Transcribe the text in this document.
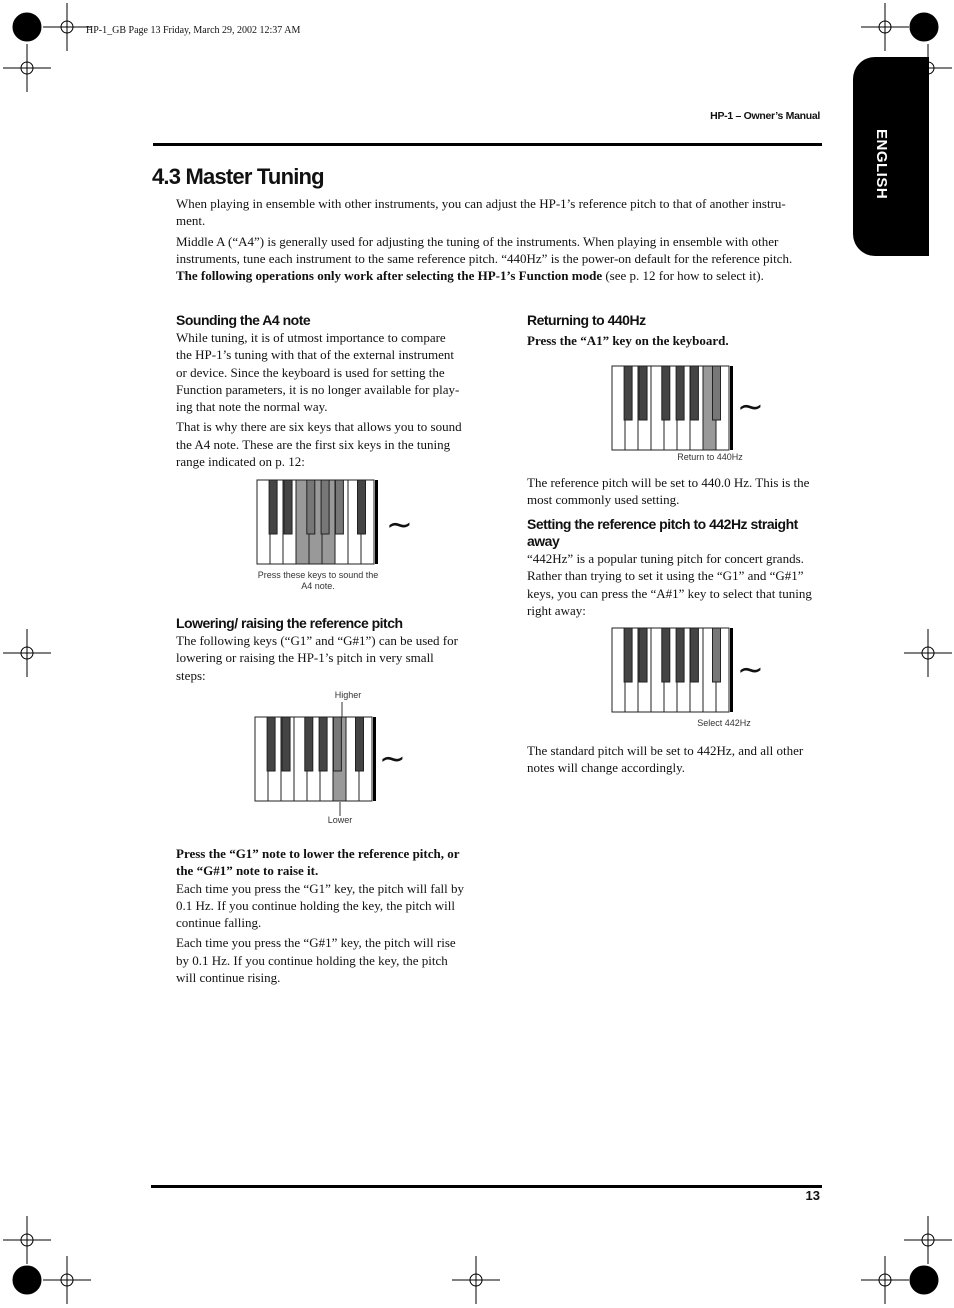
HP-1_GB Page 13 Friday, March 29, 2002 12:37 AM
HP-1 – Owner’s Manual
ENGLISH
4.3 Master Tuning

When playing in ensemble with other instruments, you can adjust the HP-1’s reference pitch to that of another instru-

ment.

Middle A (“A4”) is generally used for adjusting the tuning of the instruments. When playing in ensemble with other

instruments, tune each instrument to the same reference pitch. “440Hz” is the power-on default for the reference pitch.

The following operations only work after selecting the HP-1’s Function mode (see p. 12 for how to select it).

Sounding the A4 note

While tuning, it is of utmost importance to compare

the HP-1’s tuning with that of the external instrument

or device. Since the keyboard is used for setting the

Function parameters, it is no longer available for play-

ing that note the normal way.

That is why there are six keys that allows you to sound

the A4 note. These are the first six keys in the tuning

range indicated on p. 12:

~
Press these keys to sound the
A4 note.
Lowering/ raising the reference pitch

The following keys (“G1” and “G#1”) can be used for

lowering or raising the HP-1’s pitch in very small

steps:

Higher
~
Lower

Press the “G1” note to lower the reference pitch, or

the “G#1” note to raise it.

Each time you press the “G1” key, the pitch will fall by

0.1 Hz. If you continue holding the key, the pitch will

continue falling.

Each time you press the “G#1” key, the pitch will rise

by 0.1 Hz. If you continue holding the key, the pitch

will continue rising.

Returning to 440Hz

Press the “A1” key on the keyboard.

~
Return to 440Hz

The reference pitch will be set to 440.0 Hz. This is the

most commonly used setting.

Setting the reference pitch to 442Hz straight
away

“442Hz” is a popular tuning pitch for concert grands.

Rather than trying to set it using the “G1” and “G#1”

keys, you can press the “A#1” key to select that tuning

right away:

~
Select 442Hz

The standard pitch will be set to 442Hz, and all other

notes will change accordingly.

13
